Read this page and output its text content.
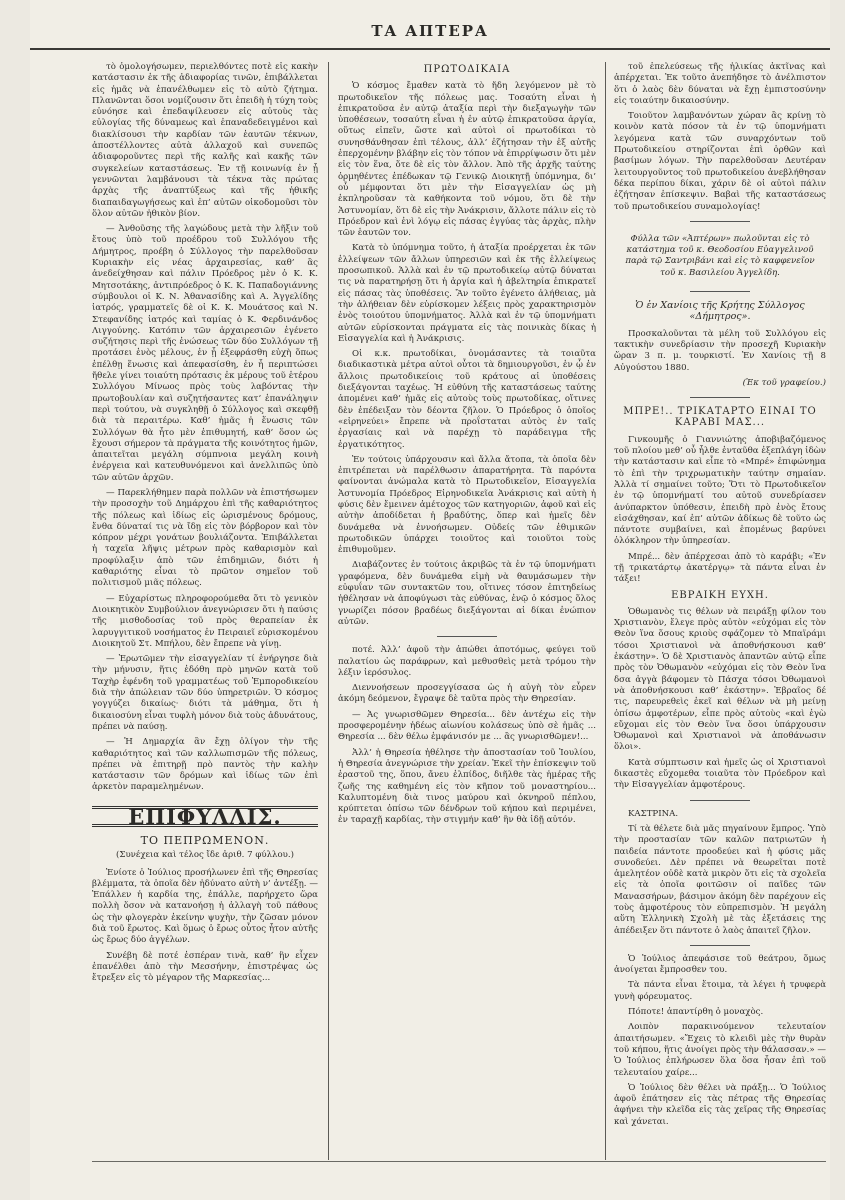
ΤΑ ΑΠΤΕΡΑ

τὸ ὁμολογήσωμεν, περιελθόντες ποτὲ εἰς κακὴν κατάστασιν ἐκ τῆς ἀδιαφορίας τινῶν, ἐπιβάλλεται εἰς ἡμᾶς νὰ ἐπανέλθωμεν εἰς τὸ αὐτὸ ζήτημα. Πλανῶνται ὅσοι νομίζουσιν ὅτι ἐπειδὴ ἡ τύχη τοὺς εὐνόησε καὶ ἐπεδαψίλευσεν εἰς αὐτοὺς τὰς εὐλογίας τῆς δύναμεως καὶ ἐπαναδεδειγμένοι καὶ διακλίσουσι τὴν καρδίαν τῶν ἑαυτῶν τέκνων, ἀποστέλλοντες αὐτὰ ἀλλαχοῦ καὶ συνεπῶς ἀδιαφοροῦντες περὶ τῆς καλῆς καὶ κακῆς τῶν συγκελείων καταστάσεως. Ἐν τῇ κοινωνίᾳ ἐν ᾗ γεννῶνται λαμβάνουσι τὰ τέκνα τὰς πρώτας ἀρχὰς τῆς ἀναπτύξεως καὶ τῆς ἠθικῆς διαπαιδαγωγήσεως καὶ ἐπ’ αὐτῶν οἰκοδομοῦσι τὸν ὅλον αὐτῶν ἠθικὸν βίον.

— Ἀνθοῦσης τῆς λαγώδους μετὰ τὴν λῆξιν τοῦ ἔτους ὑπὸ τοῦ προέδρου τοῦ Συλλόγου τῆς Δήμητρος, προέβη ὁ Σύλλογος τὴν παρελθοῦσαν Κυριακὴν εἰς νέας ἀρχαιρεσίας, καθ’ ἃς ἀνεδείχθησαν καὶ πάλιν Πρόεδρος μὲν ὁ Κ. Κ. Μητσοτάκης, ἀντιπρόεδρος ὁ Κ. Κ. Παπαδογιάννης σύμβουλοι οἱ Κ. Ν. Ἀθανασίδης καὶ Α. Ἀγγελίδης ἰατρός, γραμματεῖς δὲ οἱ Κ. Κ. Μουάτσος καὶ Ν. Στεφανίδης ἰατρός καὶ ταμίας ὁ Κ. Φερδινάνδος Λιγγούνης. Κατόπιν τῶν ἀρχαιρεσιῶν ἐγένετο συζήτησις περὶ τῆς ἑνώσεως τῶν δύο Συλλόγων τῇ προτάσει ἑνὸς μέλους, ἐν ᾗ ἐξεφράσθη εὐχὴ ὅπως ἐπέλθῃ ἕνωσις καὶ ἀπεφασίσθη, ἐν ἧ περιπτώσει ἤθελε γίνει τοιαύτη πρότασις ἐκ μέρους τοῦ ἑτέρου Συλλόγου Μίνωος πρὸς τοὺς λαβόντας τὴν πρωτοβουλίαν καὶ συζητήσαντες κατ’ ἐπανάληψιν περὶ τούτου, νὰ συγκληθῇ ὁ Σύλλογος καὶ σκεφθῇ διὰ τὰ περαιτέρω. Καθ’ ἡμᾶς ἡ ἕνωσις τῶν Συλλόγων θὰ ἦτο μὲν ἐπιθυμητή, καθ’ ὅσον ὡς ἔχουσι σήμερον τὰ πράγματα τῆς κοινότητος ἡμῶν, ἀπαιτεῖται μεγάλη σύμπνοια μεγάλη κοινὴ ἐνέργεια καὶ κατευθυνόμενοι καὶ ἀνελλιπῶς ὑπὸ τῶν αὐτῶν ἀρχῶν.

— Παρεκλήθημεν παρὰ πολλῶν νὰ ἐπιστήσωμεν τὴν προσοχὴν τοῦ Δημάρχου ἐπὶ τῆς καθαριότητος τῆς πόλεως καὶ ἰδίως εἰς ὡρισμένους δρόμους, ἔνθα δύναταί τις νὰ ἴδῃ εἰς τὸν βόρβορον καὶ τὸν κόπρον μέχρι γονάτων βουλιάζοντα. Ἐπιβάλλεται ἡ ταχεῖα λῆψις μέτρων πρὸς καθαρισμὸν καὶ προφύλαξιν ἀπὸ τῶν ἐπιδημιῶν, διότι ἡ καθαριότης εἶναι τὸ πρῶτον σημεῖον τοῦ πολιτισμοῦ μιᾶς πόλεως.

— Εὐχαρίστως πληροφορούμεθα ὅτι τὸ γενικὸν Διοικητικὸν Συμβούλιον ἀνεγνώρισεν ὅτι ἡ παύσις τῆς μισθοδοσίας τοῦ πρὸς θεραπείαν ἐκ λαρυγγιτικοῦ νοσήματος ἐν Πειραιεῖ εὑρισκομένου Διοικητοῦ Στ. Μπήλου, δὲν ἔπρεπε νὰ γίνῃ.

— Ἐρωτῶμεν τὴν εἰσαγγελίαν τί ἐνήργησε διὰ τὴν μήνυσιν, ἥτις ἐδόθη πρὸ μηνῶν κατὰ τοῦ Ταχὴρ ἐφένδη τοῦ γραμματέως τοῦ Ἐμποροδικείου διὰ τὴν ἀπώλειαν τῶν δύο ὑπηρετριῶν. Ὁ κόσμος γογγύζει δικαίως· διότι τὰ μάθημα, ὅτι ἡ δικαιοσύνη εἶναι τυφλὴ μόνον διὰ τοὺς ἀδυνάτους, πρέπει νὰ παύσῃ.

— Ἡ Δημαρχία ἂν ἔχῃ ὀλίγον τὴν τῆς καθαριότητος καὶ τῶν καλλωπισμῶν τῆς πόλεως, πρέπει νὰ ἐπιτηρῇ πρὸ παντὸς τὴν καλὴν κατάστασιν τῶν δρόμων καὶ ἰδίως τῶν ἐπὶ ἀρκετὸν παραμελημένων.

ΕΠΙΦΥΛΛΙΣ.
ΤΟ ΠΕΠΡΩΜΕΝΟΝ.
(Συνέχεια καὶ τέλος ἴδε ἀριθ. 7 φύλλου.)

Ἐνίοτε ὁ Ἰούλιος προσήλωνεν ἐπὶ τῆς Θηρεσίας βλέμματα, τὰ ὁποῖα δὲν ἠδύνατο αὐτὴ ν’ ἀντέξῃ. — Ἐπάλλεν ἡ καρδία της, ἐπάλλε, παρήρχετο ὥρα πολλὴ ὅσον νὰ κατανοήσῃ ἡ ἀλλαγὴ τοῦ πάθους ὡς τὴν φλογερὰν ἐκείνην ψυχὴν, τὴν ζῶσαν μόνον διὰ τοῦ ἔρωτος. Καὶ ὅμως ὁ ἔρως οὗτος ἦτον αὐτῆς ὡς ἔρως δύο ἀγγέλων.

Συνέβη δὲ ποτέ ἑσπέραν τινὰ, καθ’ ἣν εἶχεν ἐπανέλθει ἀπὸ τὴν Μεσσήνην, ἐπιστρέψας ὡς ἔτρεξεν εἰς τὸ μέγαρον τῆς Μαρκεσίας...

ΠΡΩΤΟΔΙΚΑΙΑ

Ὁ κόσμος ἔμαθεν κατὰ τὸ ἤδη λεγόμενον μὲ τὸ πρωτοδικεῖον τῆς πόλεως μας. Τοσαύτη εἶναι ἡ ἐπικρατοῦσα ἐν αὐτῷ ἀταξία περὶ τὴν διεξαγωγὴν τῶν ὑποθέσεων, τοσαύτη εἶναι ἡ ἐν αὐτῷ ἐπικρατοῦσα ἀργία, οὕτως εἰπεῖν, ὥστε καὶ αὐτοὶ οἱ πρωτοδίκαι τὸ συνησθάνθησαν ἐπὶ τέλους, ἀλλ’ ἐζήτησαν τὴν ἐξ αὐτῆς ἐπερχομένην βλάβην εἰς τὸν τόπον νὰ ἐπιρρίψωσιν ὅτι μὲν εἰς τὸν ἕνα, ὅτε δὲ εἰς τὸν ἄλλον. Ἀπὸ τῆς ἀρχῆς ταύτης ὁρμηθέντες ἐπέδωκαν τῷ Γενικῷ Διοικητῇ ὑπόμνημα, δι’ οὗ μέμφονται ὅτι μὲν τὴν Εἰσαγγελίαν ὡς μὴ ἐκπληροῦσαν τὰ καθήκοντα τοῦ νόμου, ὅτι δὲ τὴν Ἀστυνομίαν, ὅτι δὲ εἰς τὴν Ἀνάκρισιν, ἄλλοτε πάλιν εἰς τὸ Πρόεδρον καὶ ἐνὶ λόγῳ εἰς πάσας ἐγγύας τὰς ἀρχὰς, πλὴν τῶν ἑαυτῶν τον.

Κατὰ τὸ ὑπόμνημα τοῦτο, ἡ ἀταξία προέρχεται ἐκ τῶν ἐλλείψεων τῶν ἄλλων ὑπηρεσιῶν καὶ ἐκ τῆς ἐλλείψεως προσωπικοῦ. Ἀλλὰ καὶ ἐν τῷ πρωτοδικείῳ αὐτῷ δύναται τις νὰ παρατηρήσῃ ὅτι ἡ ἀργία καὶ ἡ ἀβελτηρία ἐπικρατεῖ εἰς πάσας τὰς ὑποθέσεις. Ἂν τοῦτο ἐγένετο ἀλήθειας, μὰ τὴν ἀλήθειαν δὲν εὑρίσκομεν λέξεις πρὸς χαρακτηρισμὸν ἐνὸς τοιούτου ὑπομνήματος. Ἀλλὰ καὶ ἐν τῷ ὑπομνήματι αὐτῶν εὑρίσκονται πράγματα εἰς τὰς ποινικὰς δίκας ἡ Εἰσαγγελία καὶ ἡ Ἀνάκρισις.

Οἱ κ.κ. πρωτοδίκαι, ὀνομάσαντες τὰ τοιαῦτα διαδικαστικὰ μέτρα αὐτοὶ οὗτοι τὰ δημιουργοῦσι, ἐν ᾧ ἐν ἄλλοις πρωτοδικείοις τοῦ κράτους αἱ ὑποθέσεις διεξάγονται ταχέως. Ἡ εὐθύνη τῆς καταστάσεως ταύτης ἀπομένει καθ’ ἡμᾶς εἰς αὐτοὺς τοὺς πρωτοδίκας, οἵτινες δὲν ἐπέδειξαν τὸν δέοντα ζῆλον. Ὁ Πρόεδρος ὁ ὁποῖος «εἰρηνεύει» ἔπρεπε νὰ προΐσταται αὐτὸς ἐν ταῖς ἐργασίαις καὶ νὰ παρέχῃ τὸ παράδειγμα τῆς ἐργατικότητος.

Ἐν τούτοις ὑπάρχουσιν καὶ ἄλλα ἄτοπα, τὰ ὁποῖα δὲν ἐπιτρέπεται νὰ παρέλθωσιν ἀπαρατήρητα. Τὰ παρόντα φαίνονται ἀνώμαλα κατὰ τὸ Πρωτοδικεῖον, Εἰσαγγελία Ἀστυνομία Πρόεδρος Εἰρηνοδικεῖα Ἀνάκρισις καὶ αὐτὴ ἡ φύσις δὲν ἔμεινεν ἀμέτοχος τῶν κατηγοριῶν, ἀφοῦ καὶ εἰς αὐτὴν ἀποδίδεται ἡ βραδύτης, ὅπερ καὶ ἡμεῖς δὲν δυνάμεθα νὰ ἐννοήσωμεν. Οὐδείς τῶν ἐθιμικῶν πρωτοδικῶν ὑπάρχει τοιοῦτος καὶ τοιοῦτοι τοὺς ἐπιθυμοῦμεν.

Διαβάζοντες ἐν τούτοις ἀκριβῶς τὰ ἐν τῷ ὑπομνήματι γραφόμενα, δὲν δυνάμεθα εἰμὴ νὰ θαυμάσωμεν τὴν εὐφυΐαν τῶν συντακτῶν του, οἵτινες τόσον ἐπιτηδείως ἠθέλησαν νὰ ἀποφύγωσι τὰς εὐθύνας, ἐνῷ ὁ κόσμος ὅλος γνωρίζει πόσον βραδέως διεξάγονται αἱ δίκαι ἐνώπιον αὐτῶν.

ποτέ. Ἀλλ’ ἀφοῦ τὴν ἀπώθει ἀποτόμως, φεύγει τοῦ παλατίου ὡς παράφρων, καὶ μεθυσθεὶς μετὰ τρόμου τὴν λέξιν ἱερόσυλος.

Διεννοήσεων προσεγγίσασα ὡς ἡ αὐγὴ τὸν εὗρεν ἀκόμη δεόμενον, ἔγραψε δὲ ταῦτα πρὸς τὴν Θηρεσίαν.

— Ἀς γνωρισθῶμεν Θηρεσία... δὲν ἀντέχω εἰς τὴν προσφερομένην ἡδέως αἰωνίου κολάσεως ὑπὸ σὲ ἡμᾶς ... Θηρεσία ... δὲν θέλω ἐμφάνισόν με ... ἂς γνωρισθῶμεν!...

Ἀλλ’ ἡ Θηρεσία ἠθέλησε τὴν ἀποστασίαν τοῦ Ἰουλίου, ἡ Θηρεσία ἀνεγνώρισε τὴν χρείαν. Ἐκεῖ τὴν ἐπίσκεψιν τοῦ ἐραστοῦ της, ὅπου, ἄνευ ἐλπίδος, διῆλθε τὰς ἡμέρας τῆς ζωῆς της καθημένη εἰς τὸν κῆπον τοῦ μοναστηρίου... Καλυπτομένη διὰ τινος μαύρου καὶ ὀκνηροῦ πέπλου, κρύπτεται ὀπίσω τῶν δένδρων τοῦ κήπου καὶ περιμένει, ἐν ταραχῇ καρδίας, τὴν στιγμήν καθ’ ἣν θὰ ἰδῇ αὐτόν.

τοῦ ἐπελεύσεως τῆς ἡλικίας ἀκτῖνας καὶ ἀπέρχεται. Ἐκ τοῦτο ἀνεπήδησε τὸ ἀνέλπιστον ὅτι ὁ λαὸς δὲν δύναται νὰ ἔχῃ ἐμπιστοσύνην εἰς τοιαύτην δικαιοσύνην.

Τοιοῦτον λαμβανόντων χώραν ἂς κρίνῃ τὸ κοινὸν κατὰ πόσον τὰ ἐν τῷ ὑπομνήματι λεγόμενα κατὰ τῶν συναρχόντων τοῦ Πρωτοδικείου στηρίζονται ἐπὶ ὀρθῶν καὶ βασίμων λόγων. Τὴν παρελθοῦσαν Δευτέραν λειτουργοῦντος τοῦ πρωτοδικείου ἀνεβλήθησαν δέκα περίπου δίκαι, χάριν δὲ οἱ αὐτοὶ πάλιν ἐζήτησαν ἐπίσκεψιν. Βαβαὶ τῆς καταστάσεως τοῦ πρωτοδικείου συναμολογίας!

Φύλλα τῶν «Ἀπτέρων» πωλοῦνται εἰς τὸ κατάστημα τοῦ κ. Θεοδοσίου Εὐαγγελινοῦ παρὰ τῷ Σαντριβάνι καὶ εἰς τὸ καφφενεῖον τοῦ κ. Βασιλείου Ἀγγελίδη.
Ὁ ἐν Χανίοις τῆς Κρήτης Σύλλογος «Δήμητρος».

Προσκαλοῦνται τὰ μέλη τοῦ Συλλόγου εἰς τακτικὴν συνεδρίασιν τὴν προσεχῆ Κυριακὴν ὥραν 3 π. μ. τουρκιστί. Ἐν Χανίοις τῇ 8 Αὐγούστου 1880.

(Ἐκ τοῦ γραφείου.)
ΜΠΡΕ!.. ΤΡΙΚΑΤΑΡΤΟ ΕΙΝΑΙ ΤΟ ΚΑΡΑΒΙ ΜΑΣ...

Γινκουμῆς ὁ Γιαννιώτης ἀποβιβαζόμενος τοῦ πλοίου μεθ’ οὗ ἦλθε ἐνταῦθα ἐξεπλάγη ἰδὼν τὴν κατάστασιν καὶ εἶπε τὸ «Μπρέ» ἐπιφώνημα τὸ ἐπὶ τὴν τριχρωματικὴν ταύτην σημαίαν. Ἀλλὰ τί σημαίνει τοῦτο; Ὅτι τὸ Πρωτοδικεῖον ἐν τῷ ὑπομνήματί του αὐτοῦ συνεδρίασεν ἀνύπαρκτον ὑπόθεσιν, ἐπειδὴ πρὸ ἐνὸς ἔτους εἰσάχθησαν, καί ἐπ’ αὐτῶν ἀδίκως δὲ τοῦτο ὡς πάντοτε συμβαίνει, καὶ ἑπομένως βαρύνει ὁλόκληρον τὴν ὑπηρεσίαν.

Μπρέ... δὲν ἀπέρχεσαι ἀπὸ τὸ καράβι; «Ἐν τῇ τρικατάρτῳ ἀκατέργῳ» τὰ πάντα εἶναι ἐν τάξει!

ΕΒΡΑΙΚΗ ΕΥΧΗ.

Ὁθωμανὸς τις θέλων νὰ πειράξῃ φίλον του Χριστιανὸν, ἔλεγε πρὸς αὐτὸν «εὐχόμαι εἰς τὸν Θεὸν ἵνα ὅσους κριοὺς σφάζομεν τὸ Μπαϊράμι τόσοι Χριστιανοὶ νὰ ἀποθνήσκουσι καθ’ ἑκάστην». Ὁ δὲ Χριστιανὸς ἀπαντῶν αὐτῷ εἶπε πρὸς τὸν Ὀθωμανὸν «εὐχόμαι εἰς τὸν Θεὸν ἵνα δσα ἀγγὰ βάφομεν τὸ Πάσχα τόσοι Ὀθωμανοὶ νὰ ἀποθνήσκουσι καθ’ ἑκάστην». Ἐβραῖος δέ τις, παρευρεθεὶς ἐκεῖ καὶ θέλων νὰ μὴ μείνῃ ὀπίσω ἀμφοτέρων, εἶπε πρὸς αὐτοὺς «καὶ ἐγὼ εὔχομαι εἰς τὸν Θεὸν ἵνα ὅσοι ὑπάρχουσιν Ὀθωμανοὶ καὶ Χριστιανοὶ νὰ ἀποθάνωσιν ὅλοι».

Κατὰ σύμπτωσιν καὶ ἡμεῖς ὡς οἱ Χριστιανοὶ δικαστὲς εὔχομεθα τοιαῦτα τὸν Πρόεδρον καὶ τὴν Εἰσαγγελίαν ἀμφοτέρους.

ΚΑΣΤΡΙΝΑ.

Τί τὰ θέλετε διὰ μᾶς πηγαίνουν ἔμπρος. Ὑπὸ τὴν προστασίαν τῶν καλῶν πατριωτῶν ἡ παιδεία πάντοτε προοδεύει καὶ ἡ φύσις μᾶς συνοδεύει. Δὲν πρέπει νὰ θεωρεῖται ποτὲ ἀμελητέον οὐδὲ κατὰ μικρὸν ὅτι εἰς τὰ σχολεῖα εἰς τὰ ὁποῖα φοιτῶσιν οἱ παῖδες τῶν Μανασσήρων, βάσιμον ἀκόμη δὲν παρέχουν εἰς τοὺς ἀμφοτέρους τὸν εὐπρεπισμὸν. Ἡ μεγάλη αὕτη Ἑλληνικὴ Σχολὴ μὲ τὰς ἐξετάσεις της ἀπέδειξεν ὅτι πάντοτε ὁ λαὸς ἀπαιτεῖ ζῆλον.

Ὁ Ἰούλιος ἀπεφάσισε τοῦ θεάτρου, ὅμως ἀνοίγεται ἔμπροσθεν του.

Τὰ πάντα εἶναι ἕτοιμα, τὰ λέγει ἡ τρυφερὰ γυνὴ φόρευματος.

Πόποτε! ἀπαντίρθη ὁ μοναχὸς.

Λοιπὸν παρακινούμενον τελευταίον ἀπαιτήσωμεν. «Ἔχεις τὸ κλειδὶ μὲς τὴν θυρὰν τοῦ κήπου, ἥτις ἀνοίγει πρὸς τὴν θάλασσαν.» — Ὁ Ἰούλιος ἐπλήρωσεν ὅλα ὅσα ἦσαν ἐπὶ τοῦ τελευταίου χαίρε...

Ὁ Ἰούλιος δὲν θέλει νὰ πράξῃ... Ὁ Ἰούλιος ἀφοῦ ἐπάτησεν εἰς τὰς πέτρας τῆς Θηρεσίας ἀφήνει τὴν κλεῖδα εἰς τὰς χεῖρας τῆς Θηρεσίας καὶ χάνεται.
